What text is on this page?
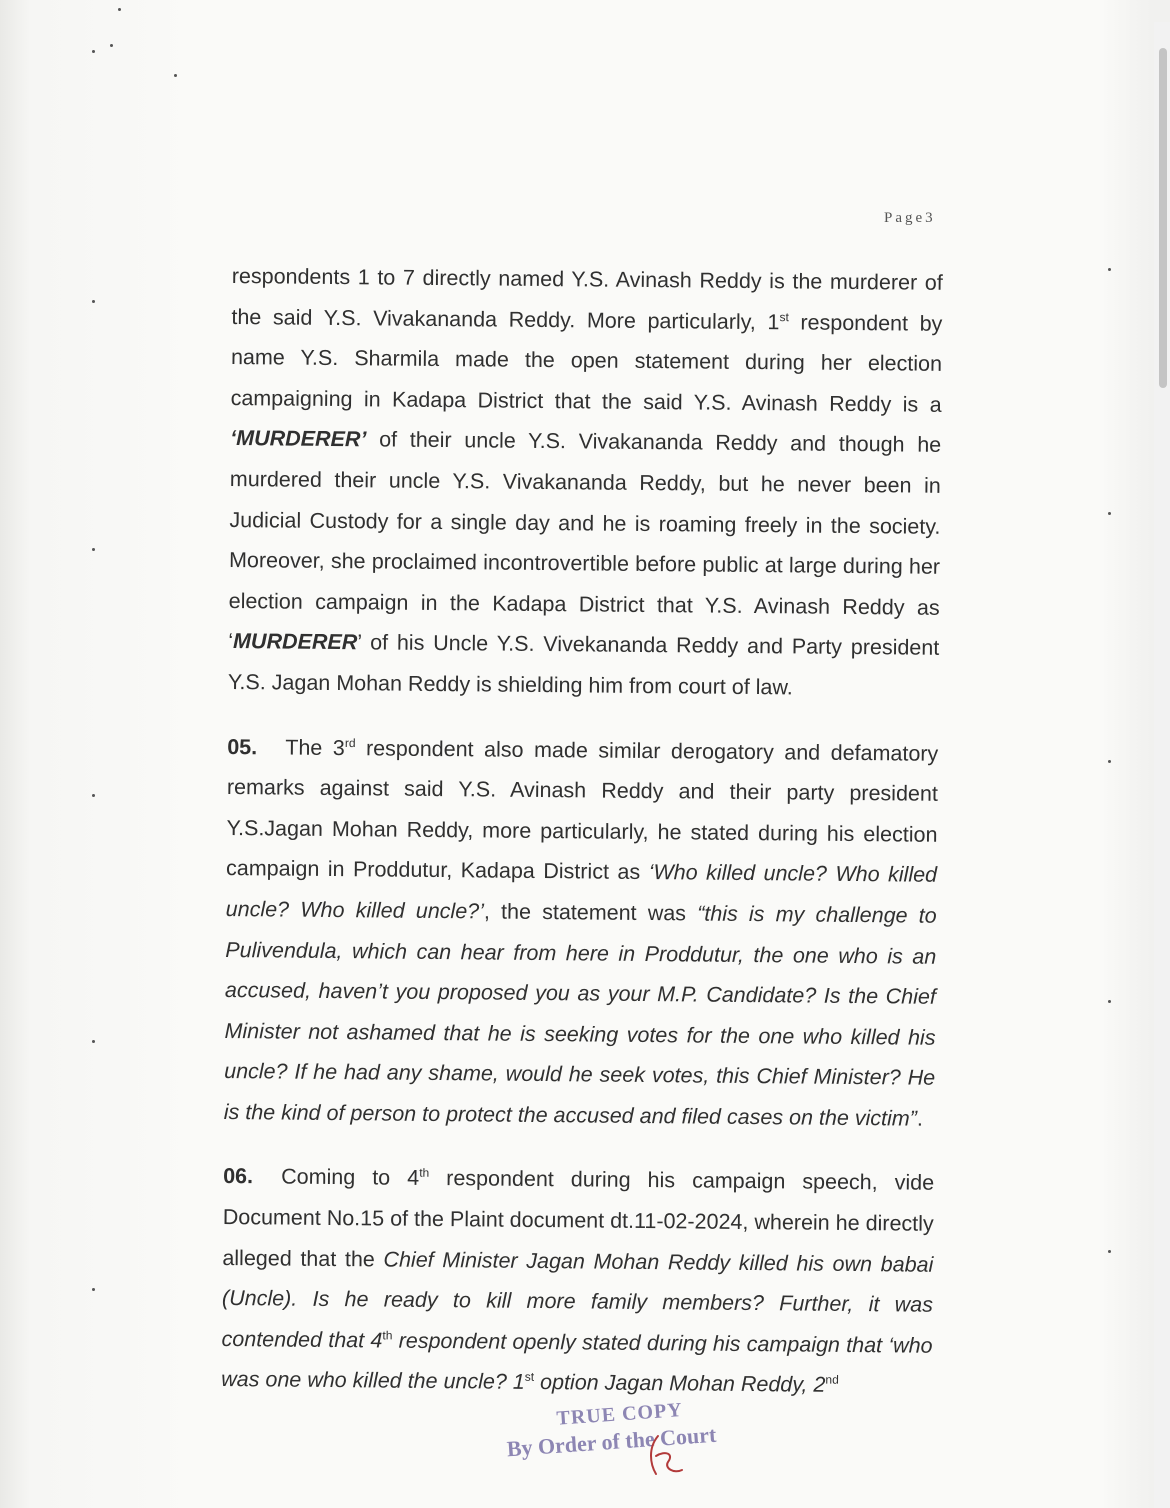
Page3

respondents 1 to 7 directly named Y.S. Avinash Reddy is the murderer of the said Y.S. Vivakananda Reddy. More particularly, 1st respondent by name Y.S. Sharmila made the open statement during her election campaigning in Kadapa District that the said Y.S. Avinash Reddy is a ‘MURDERER’ of their uncle Y.S. Vivakananda Reddy and though he murdered their uncle Y.S. Vivakananda Reddy, but he never been in Judicial Custody for a single day and he is roaming freely in the society. Moreover, she proclaimed incontrovertible before public at large during her election campaign in the Kadapa District that Y.S. Avinash Reddy as ‘MURDERER’ of his Uncle Y.S. Vivekananda Reddy and Party president Y.S. Jagan Mohan Reddy is shielding him from court of law.

05. The 3rd respondent also made similar derogatory and defamatory remarks against said Y.S. Avinash Reddy and their party president Y.S.Jagan Mohan Reddy, more particularly, he stated during his election campaign in Proddutur, Kadapa District as ‘Who killed uncle? Who killed uncle? Who killed uncle?’, the statement was “this is my challenge to Pulivendula, which can hear from here in Proddutur, the one who is an accused, haven’t you proposed you as your M.P. Candidate? Is the Chief Minister not ashamed that he is seeking votes for the one who killed his uncle? If he had any shame, would he seek votes, this Chief Minister? He is the kind of person to protect the accused and filed cases on the victim”.

06. Coming to 4th respondent during his campaign speech, vide Document No.15 of the Plaint document dt.11-02-2024, wherein he directly alleged that the Chief Minister Jagan Mohan Reddy killed his own babai (Uncle). Is he ready to kill more family members? Further, it was contended that 4th respondent openly stated during his campaign that ‘who was one who killed the uncle? 1st option Jagan Mohan Reddy, 2nd

TRUE COPY
By Order of the Court
